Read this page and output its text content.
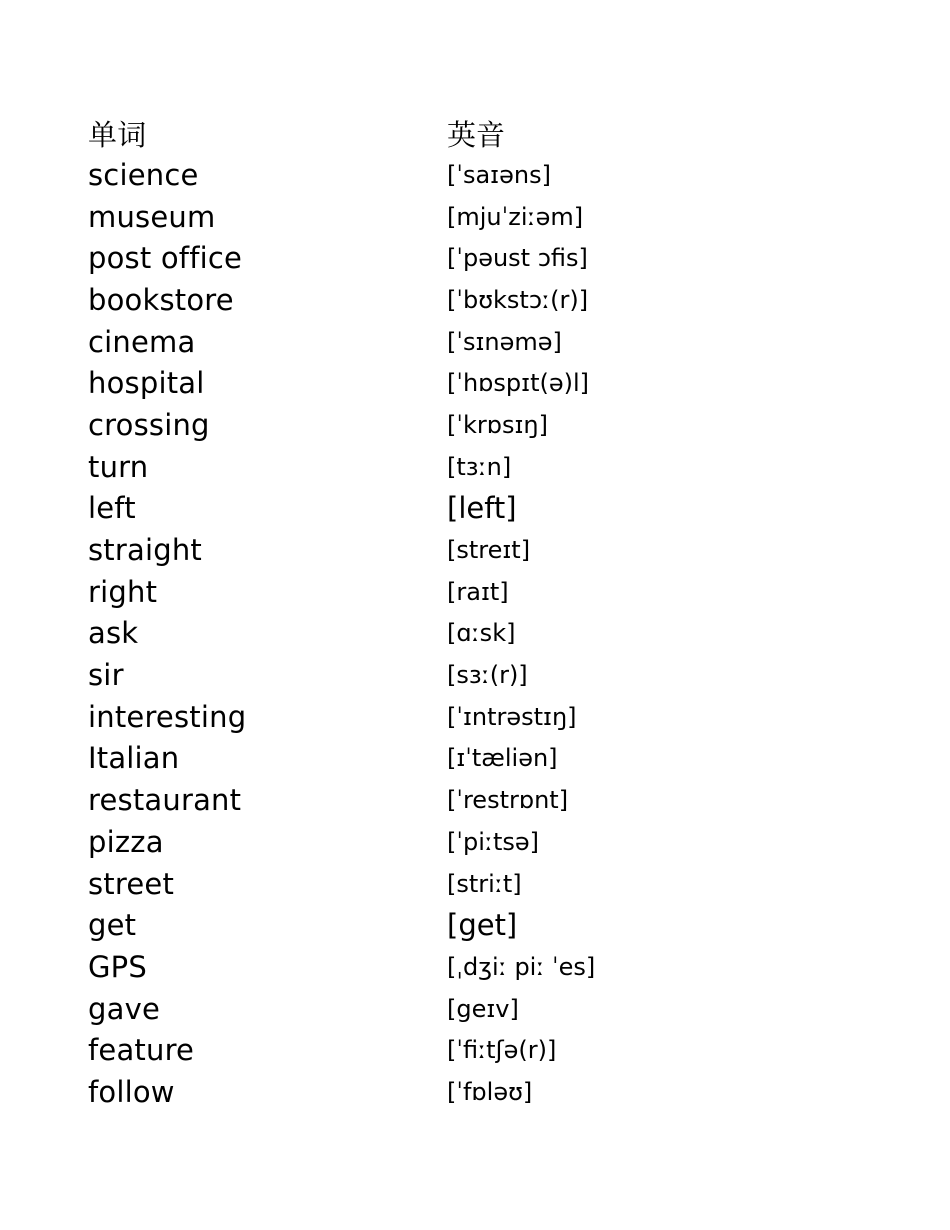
单词	英音
science	[ˈsaɪəns]
museum	[mjuˈziːəm]
post office	[ˈpəust ɔfis]
bookstore	[ˈbʊkstɔː(r)]
cinema	[ˈsɪnəmə]
hospital	[ˈhɒspɪt(ə)l]
crossing	[ˈkrɒsɪŋ]
turn	[tɜːn]
left	[left]
straight	[streɪt]
right	[raɪt]
ask	[ɑːsk]
sir	[sɜː(r)]
interesting	[ˈɪntrəstɪŋ]
Italian	[ɪˈtæliən]
restaurant	[ˈrestrɒnt]
pizza	[ˈpiːtsə]
street	[striːt]
get	[get]
GPS	[ˌdʒiː piː ˈes]
gave	[geɪv]
feature	[ˈfiːtʃə(r)]
follow	[ˈfɒləʊ]
